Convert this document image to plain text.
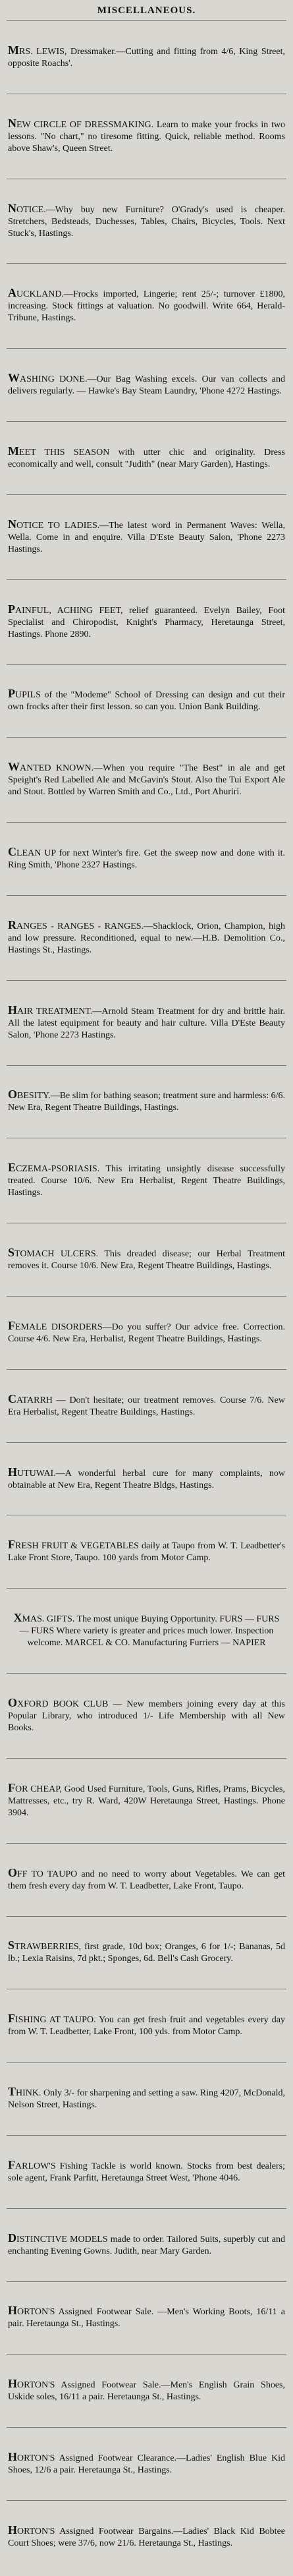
MISCELLANEOUS.
MRS. LEWIS, Dressmaker.—Cutting and fitting from 4/6, King Street, opposite Roachs'.
NEW CIRCLE OF DRESSMAKING. Learn to make your frocks in two lessons. "No chart," no tiresome fitting. Quick, reliable method. Rooms above Shaw's, Queen Street.
NOTICE.—Why buy new Furniture? O'Grady's used is cheaper. Stretchers, Bedsteads, Duchesses, Tables, Chairs, Bicycles, Tools. Next Stuck's, Hastings.
AUCKLAND.—Frocks imported, Lingerie; rent 25/-; turnover £1800, increasing. Stock fittings at valuation. No goodwill. Write 664, Herald-Tribune, Hastings.
WASHING DONE.—Our Bag Washing excels. Our van collects and delivers regularly. — Hawke's Bay Steam Laundry, 'Phone 4272 Hastings.
MEET THIS SEASON with utter chic and originality. Dress economically and well, consult "Judith" (near Mary Garden), Hastings.
NOTICE TO LADIES.—The latest word in Permanent Waves: Wella, Wella. Come in and enquire. Villa D'Este Beauty Salon, 'Phone 2273 Hastings.
PAINFUL, ACHING FEET, relief guaranteed. Evelyn Bailey, Foot Specialist and Chiropodist, Knight's Pharmacy, Heretaunga Street, Hastings. Phone 2890.
PUPILS of the "Modeme" School of Dressing can design and cut their own frocks after their first lesson. so can you. Union Bank Building.
WANTED KNOWN.—When you require "The Best" in ale and get Speight's Red Labelled Ale and McGavin's Stout. Also the Tui Export Ale and Stout. Bottled by Warren Smith and Co., Ltd., Port Ahuriri.
CLEAN UP for next Winter's fire. Get the sweep now and done with it. Ring Smith, 'Phone 2327 Hastings.
RANGES - RANGES - RANGES.—Shacklock, Orion, Champion, high and low pressure. Reconditioned, equal to new.—H.B. Demolition Co., Hastings St., Hastings.
HAIR TREATMENT.—Arnold Steam Treatment for dry and brittle hair. All the latest equipment for beauty and hair culture. Villa D'Este Beauty Salon, 'Phone 2273 Hastings.
OBESITY.—Be slim for bathing season; treatment sure and harmless: 6/6. New Era, Regent Theatre Buildings, Hastings.
ECZEMA-PSORIASIS. This irritating unsightly disease successfully treated. Course 10/6. New Era Herbalist, Regent Theatre Buildings, Hastings.
STOMACH ULCERS. This dreaded disease; our Herbal Treatment removes it. Course 10/6. New Era, Regent Theatre Buildings, Hastings.
FEMALE DISORDERS—Do you suffer? Our advice free. Correction. Course 4/6. New Era, Herbalist, Regent Theatre Buildings, Hastings.
CATARRH — Don't hesitate; our treatment removes. Course 7/6. New Era Herbalist, Regent Theatre Buildings, Hastings.
HUTUWAI.—A wonderful herbal cure for many complaints, now obtainable at New Era, Regent Theatre Bldgs, Hastings.
FRESH FRUIT & VEGETABLES daily at Taupo from W. T. Leadbetter's Lake Front Store, Taupo. 100 yards from Motor Camp.
XMAS. GIFTS. The most unique Buying Opportunity. FURS — FURS — FURS Where variety is greater and prices much lower. Inspection welcome. MARCEL & CO. Manufacturing Furriers — NAPIER
OXFORD BOOK CLUB — New members joining every day at this Popular Library, who introduced 1/- Life Membership with all New Books.
FOR CHEAP, Good Used Furniture, Tools, Guns, Rifles, Prams, Bicycles, Mattresses, etc., try R. Ward, 420W Heretaunga Street, Hastings. Phone 3904.
OFF TO TAUPO and no need to worry about Vegetables. We can get them fresh every day from W. T. Leadbetter, Lake Front, Taupo.
STRAWBERRIES, first grade, 10d box; Oranges, 6 for 1/-; Bananas, 5d lb.; Lexia Raisins, 7d pkt.; Sponges, 6d. Bell's Cash Grocery.
FISHING AT TAUPO. You can get fresh fruit and vegetables every day from W. T. Leadbetter, Lake Front, 100 yds. from Motor Camp.
THINK. Only 3/- for sharpening and setting a saw. Ring 4207, McDonald, Nelson Street, Hastings.
FARLOW'S Fishing Tackle is world known. Stocks from best dealers; sole agent, Frank Parfitt, Heretaunga Street West, 'Phone 4046.
DISTINCTIVE MODELS made to order. Tailored Suits, superbly cut and enchanting Evening Gowns. Judith, near Mary Garden.
HORTON'S Assigned Footwear Sale. —Men's Working Boots, 16/11 a pair. Heretaunga St., Hastings.
HORTON'S Assigned Footwear Sale.—Men's English Grain Shoes, Uskide soles, 16/11 a pair. Heretaunga St., Hastings.
HORTON'S Assigned Footwear Clearance.—Ladies' English Blue Kid Shoes, 12/6 a pair. Heretaunga St., Hastings.
HORTON'S Assigned Footwear Bargains.—Ladies' Black Kid Bobtee Court Shoes; were 37/6, now 21/6. Heretaunga St., Hastings.
